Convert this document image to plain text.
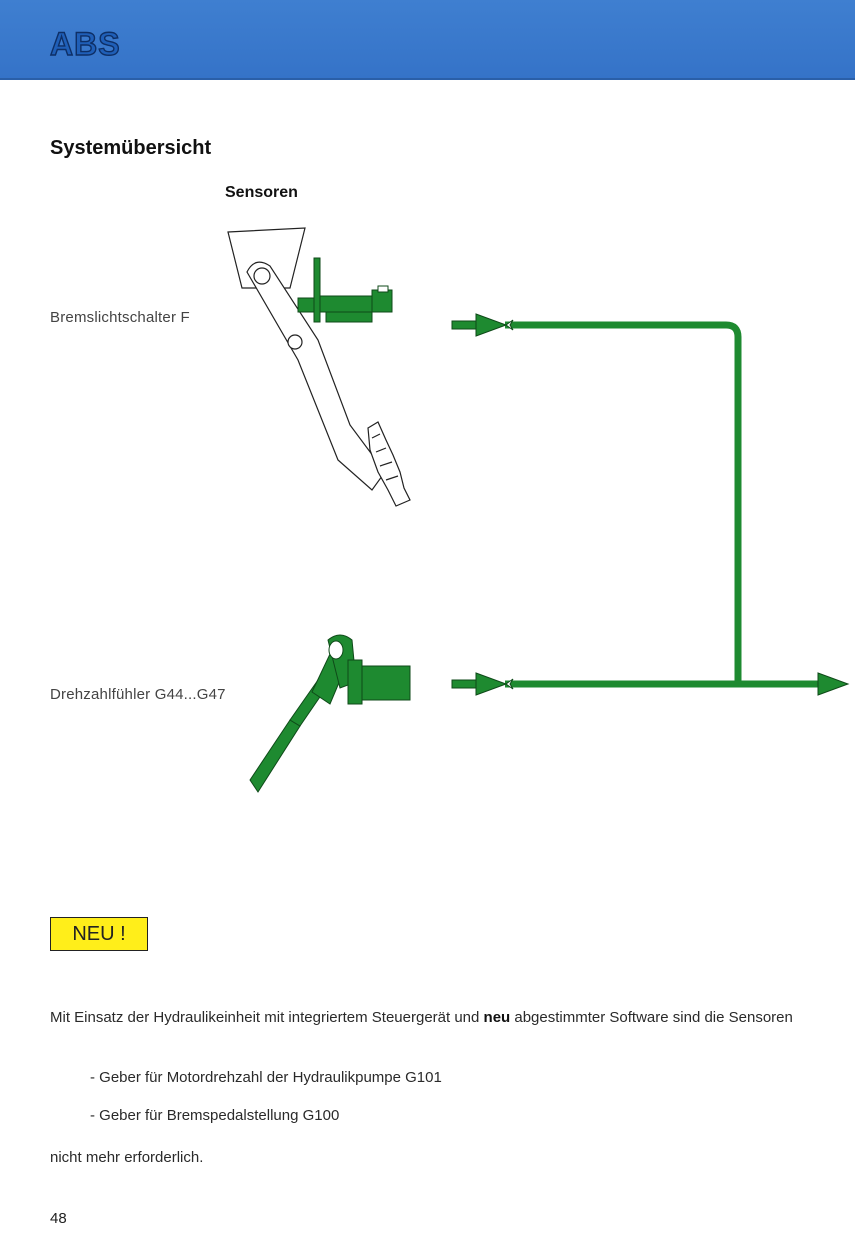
ABS
Systemübersicht
Sensoren
Bremslichtschalter F
Drehzahlfühler G44...G47
NEU !
Mit Einsatz der Hydraulikeinheit mit integriertem Steuergerät und neu abgestimmter Software sind die Sensoren
- Geber für Motordrehzahl der Hydraulikpumpe G101
- Geber für Bremspedalstellung G100
nicht mehr erforderlich.
48
